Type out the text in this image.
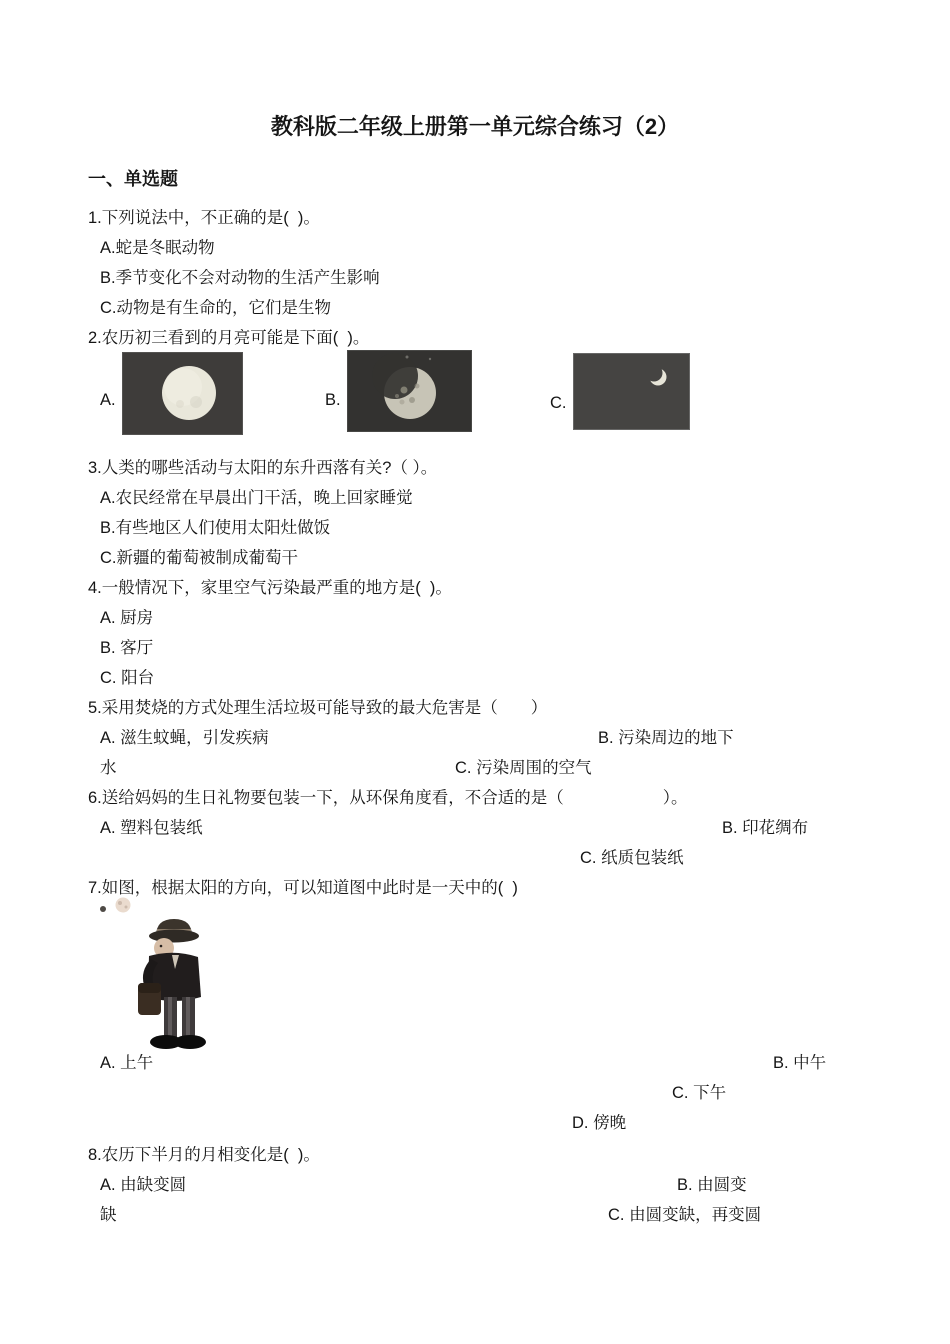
教科版二年级上册第一单元综合练习（2）
一、单选题
1.下列说法中，不正确的是(  )。
A.蛇是冬眠动物
B.季节变化不会对动物的生活产生影响
C.动物是有生命的，它们是生物
2.农历初三看到的月亮可能是下面(  )。
A.	B.	C.
3.人类的哪些活动与太阳的东升西落有关?（ ）。
A.农民经常在早晨出门干活，晚上回家睡觉
B.有些地区人们使用太阳灶做饭
C.新疆的葡萄被制成葡萄干
4.一般情况下，家里空气污染最严重的地方是(  )。
A. 厨房
B. 客厅
C. 阳台
5.采用焚烧的方式处理生活垃圾可能导致的最大危害是（　　）
A. 滋生蚊蝇，引发疾病	B. 污染周边的地下
水	C. 污染周围的空气
6.送给妈妈的生日礼物要包装一下，从环保角度看，不合适的是（　　　　　　）。
A. 塑料包装纸	B. 印花绸布
C. 纸质包装纸
7.如图，根据太阳的方向，可以知道图中此时是一天中的(  )
A. 上午	B. 中午
C. 下午
D. 傍晚
8.农历下半月的月相变化是(  )。
A. 由缺变圆	B. 由圆变
缺	C. 由圆变缺，再变圆
